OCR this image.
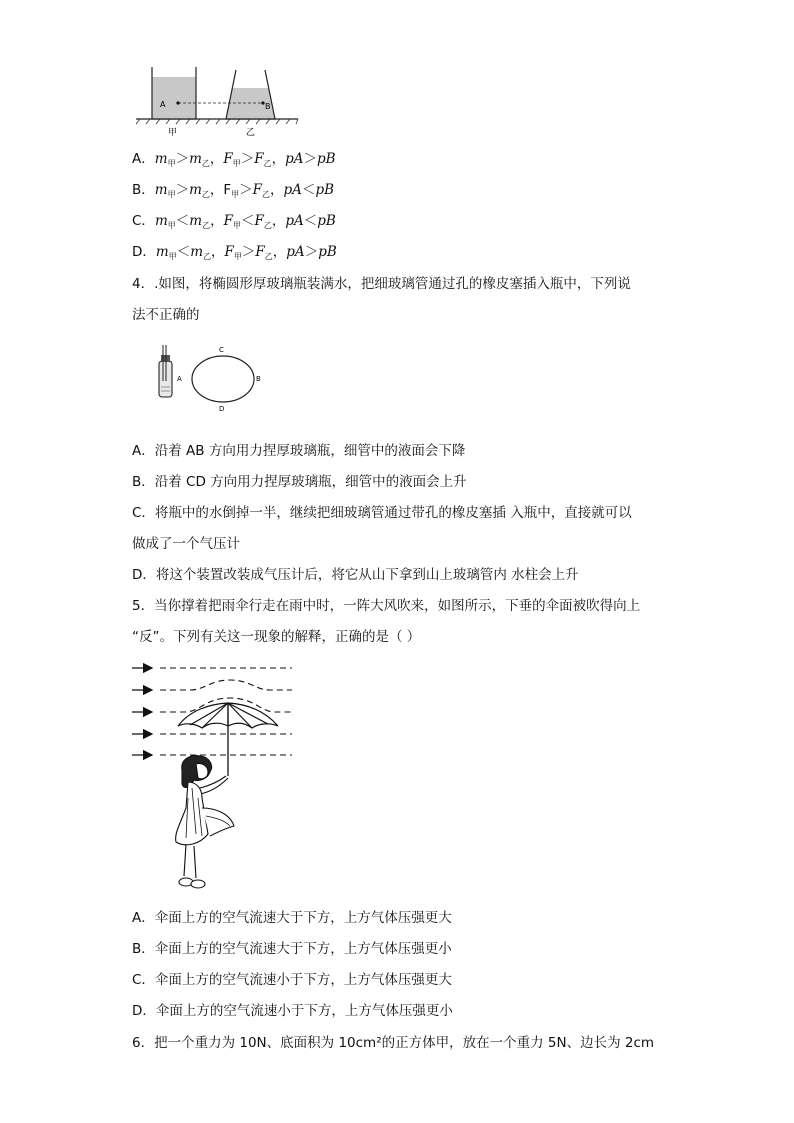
A	B
甲	乙
A．$m_甲>m_乙$，$F_甲>F_乙$，pA＞pB
B．$m_甲>m_乙$，$F_甲>F_乙$，pA＜pB
C．$m_甲<m_乙$，$F_甲<F_乙$，pA＜pB
D．$m_甲<m_乙$，$F_甲>F_乙$，pA＞pB
4．.如图，将椭圆形厚玻璃瓶装满水，把细玻璃管通过孔的橡皮塞插入瓶中，下列说
法不正确的
A
C
B
D
A．沿着 AB 方向用力捏厚玻璃瓶，细管中的液面会下降
B．沿着 CD 方向用力捏厚玻璃瓶，细管中的液面会上升
C．将瓶中的水倒掉一半，继续把细玻璃管通过带孔的橡皮塞插 入瓶中，直接就可以
做成了一个气压计
D．将这个装置改装成气压计后，将它从山下拿到山上玻璃管内 水柱会上升
5．当你撑着把雨伞行走在雨中时，一阵大风吹来，如图所示，下垂的伞面被吹得向上
“反”。下列有关这一现象的解释，正确的是（ ）
A．伞面上方的空气流速大于下方，上方气体压强更大
B．伞面上方的空气流速大于下方，上方气体压强更小
C．伞面上方的空气流速小于下方，上方气体压强更大
D．伞面上方的空气流速小于下方，上方气体压强更小
6．把一个重力为 10N、底面积为 10cm²的正方体甲，放在一个重力 5N、边长为 2cm
